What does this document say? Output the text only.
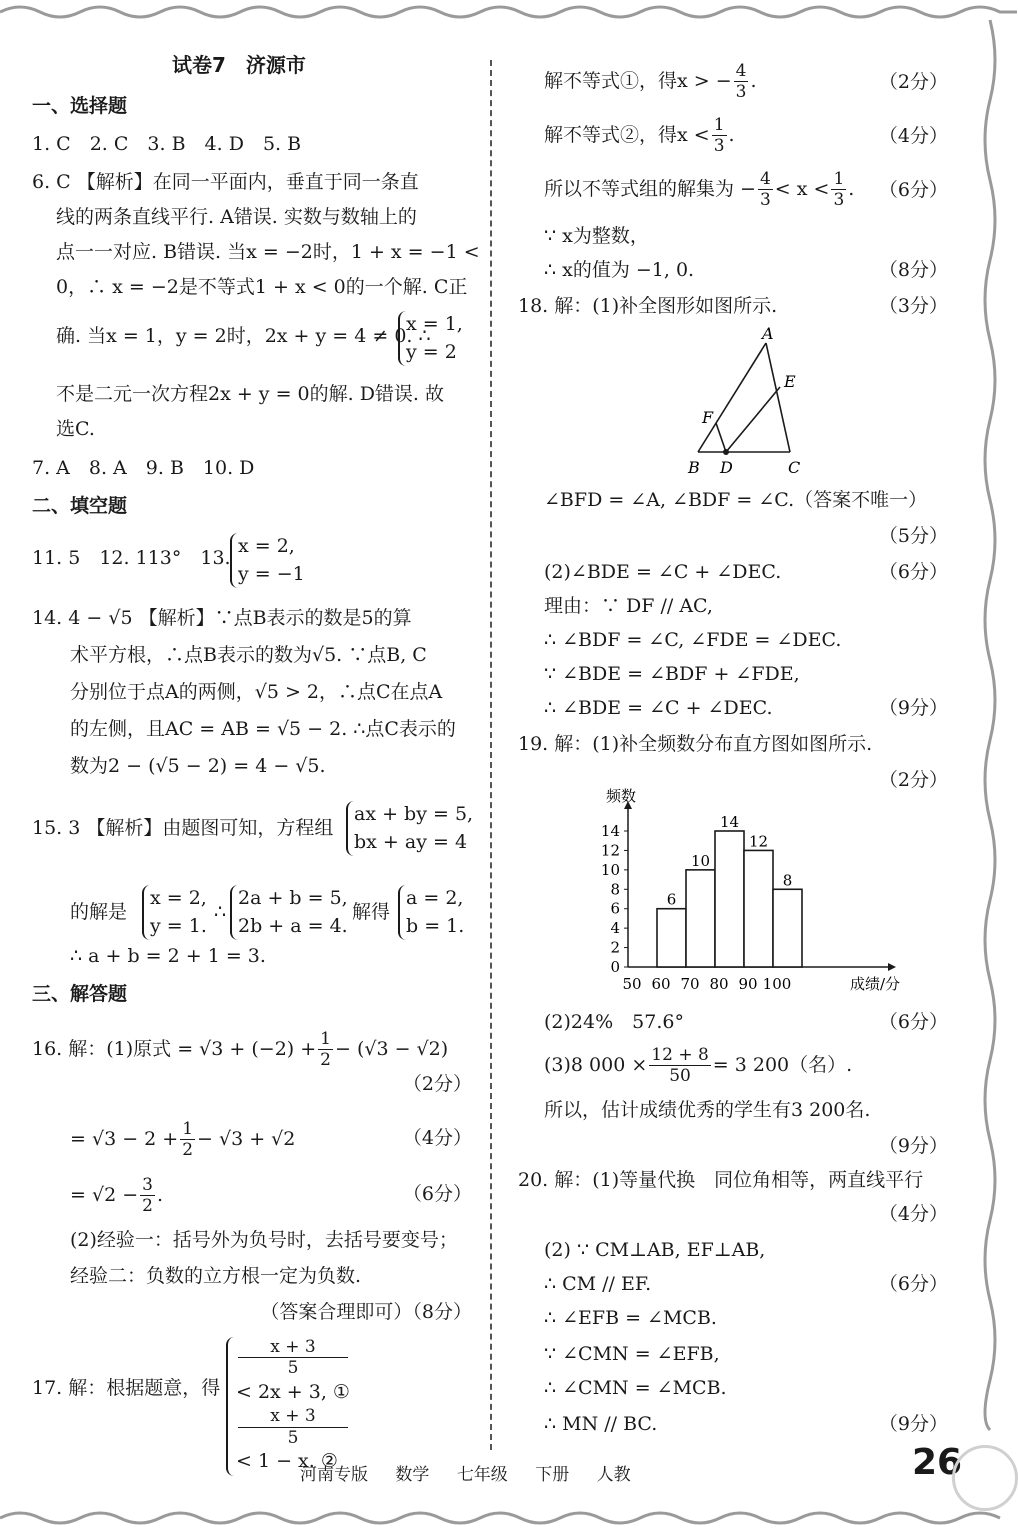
试卷7　济源市
一、选择题
1. C　2. C　3. B　4. D　5. B
6. C 【解析】在同一平面内，垂直于同一条直
线的两条直线平行. A错误. 实数与数轴上的
点一一对应. B错误. 当x = −2时，1 + x = −1 <
0，∴ x = −2是不等式1 + x < 0的一个解. C正
确. 当x = 1，y = 2时，2x + y = 4 ≠ 0. ∴
x = 1,
y = 2
不是二元一次方程2x + y = 0的解. D错误. 故
选C.
7. A　8. A　9. B　10. D
二、填空题
11. 5　12. 113°　13.
x = 2,
y = −1
14. 4 − √5 【解析】∵点B表示的数是5的算
术平方根，∴点B表示的数为√5. ∵点B, C
分别位于点A的两侧，√5 > 2，∴点C在点A
的左侧，且AC = AB = √5 − 2. ∴点C表示的
数为2 − (√5 − 2) = 4 − √5.
15. 3 【解析】由题图可知，方程组
ax + by = 5,
bx + ay = 4
的解是
x = 2,
y = 1.
∴
2a + b = 5,
2b + a = 4.
解得
a = 2,
b = 1.
∴ a + b = 2 + 1 = 3.
三、解答题
16. 解：(1)原式 = $√3 + (-2) + \frac{1}{2} - (√3 - √2)$
（2分）
= $√3 - 2 + \frac{1}{2} - √3 + √2$	（4分）
= $√2 - \frac{3}{2}$ .	（6分）
(2)经验一：括号外为负号时，去括号要变号；
经验二：负数的立方根一定为负数.
（答案合理即可）（8分）
17. 解：根据题意，得
x + 3
5
< 2x + 3, ①
x + 3
5
< 1 − x. ②
解不等式①，得x > − $\frac{4}{3}$ .	（2分）
解不等式②，得$x < \frac{1}{3}$ .	（4分）
所以不等式组的解集为 − $\frac{4}{3} < x < \frac{1}{3}$ . （6分）
∵ x为整数，
∴ x的值为 −1, 0.	（8分）
18. 解：(1)补全图形如图所示.	（3分）
A
E
F
B D	C
∠BFD = ∠A, ∠BDF = ∠C.（答案不唯一）
（5分）
(2)∠BDE = ∠C + ∠DEC.	（6分）
理由：∵ DF // AC,
∴ ∠BDF = ∠C, ∠FDE = ∠DEC.
∵ ∠BDE = ∠BDF + ∠FDE,
∴ ∠BDE = ∠C + ∠DEC.	（9分）
19. 解：(1)补全频数分布直方图如图所示.
（2分）
0
2
4
6
8
10
12
14
50 60 70 80 90 100
频数
成绩/分
6
10
14
12
8
(2)24%　57.6°	（6分）
(3)8 $000 \times \frac{12 + 8}{50} = 3$ 200（名）.
所以，估计成绩优秀的学生有3 200名.
（9分）
20. 解：(1)等量代换　同位角相等，两直线平行
（4分）
(2) ∵ CM⊥AB, EF⊥AB,
∴ CM // EF.	（6分）
∴ ∠EFB = ∠MCB.
∵ ∠CMN = ∠EFB,
∴ ∠CMN = ∠MCB.
∴ MN // BC.	（9分）
河南专版 数学 七年级 下册 人教	26
